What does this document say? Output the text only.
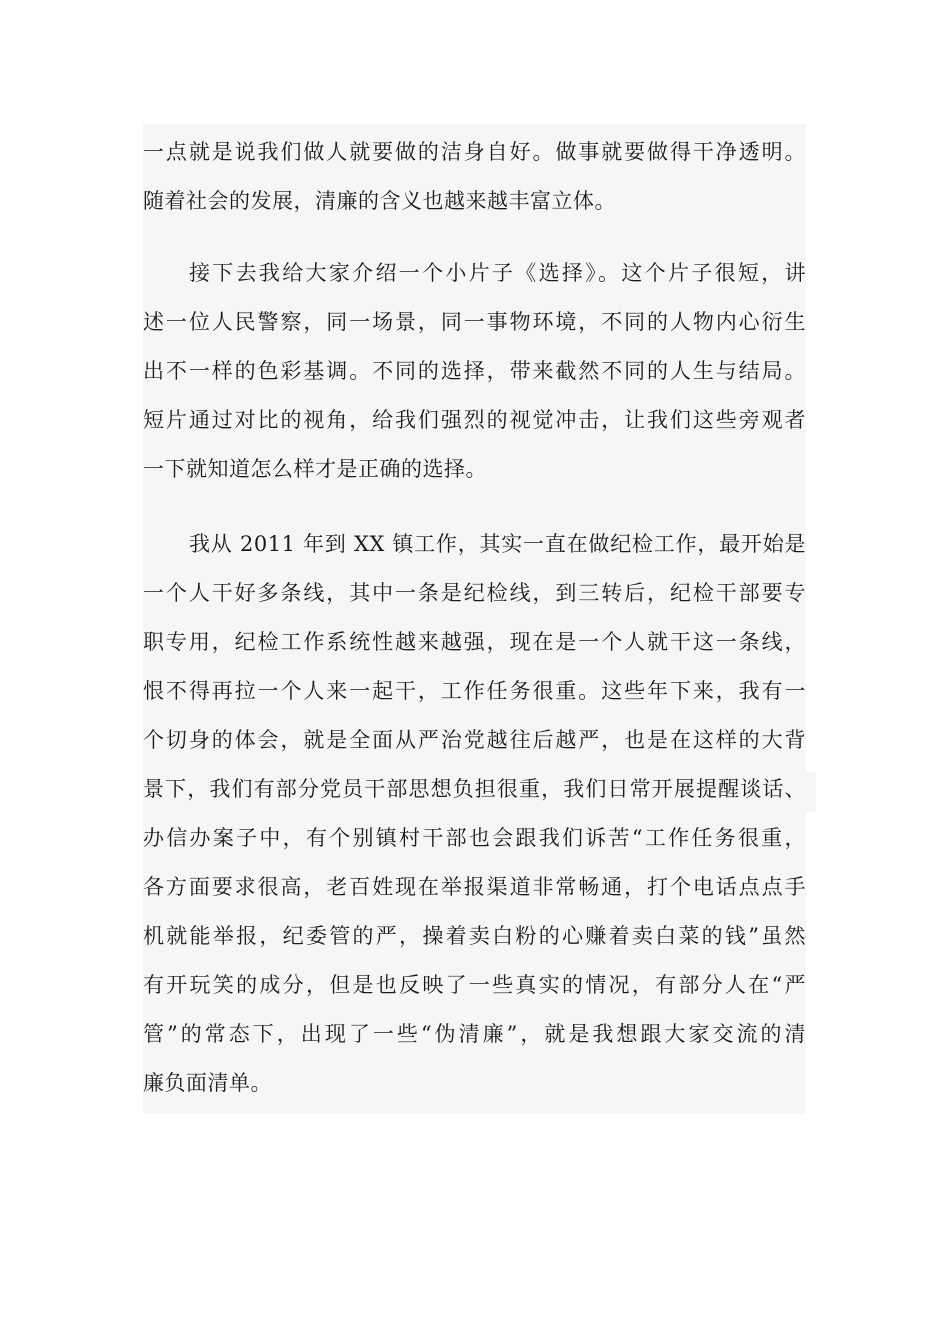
一点就是说我们做人就要做的洁身自好。做事就要做得干净透明。
随着社会的发展，清廉的含义也越来越丰富立体。
接下去我给大家介绍一个小片子《选择》。这个片子很短，讲
述一位人民警察，同一场景，同一事物环境，不同的人物内心衍生
出不一样的色彩基调。不同的选择，带来截然不同的人生与结局。
短片通过对比的视角，给我们强烈的视觉冲击，让我们这些旁观者
一下就知道怎么样才是正确的选择。
我从 2011 年到 XX 镇工作，其实一直在做纪检工作，最开始是
一个人干好多条线，其中一条是纪检线，到三转后，纪检干部要专
职专用，纪检工作系统性越来越强，现在是一个人就干这一条线，
恨不得再拉一个人来一起干，工作任务很重。这些年下来，我有一
个切身的体会，就是全面从严治党越往后越严，也是在这样的大背
景下，我们有部分党员干部思想负担很重，我们日常开展提醒谈话、
办信办案子中，有个别镇村干部也会跟我们诉苦“工作任务很重，
各方面要求很高，老百姓现在举报渠道非常畅通，打个电话点点手
机就能举报，纪委管的严，操着卖白粉的心赚着卖白菜的钱”虽然
有开玩笑的成分，但是也反映了一些真实的情况，有部分人在“严
管”的常态下，出现了一些“伪清廉”，就是我想跟大家交流的清
廉负面清单。
